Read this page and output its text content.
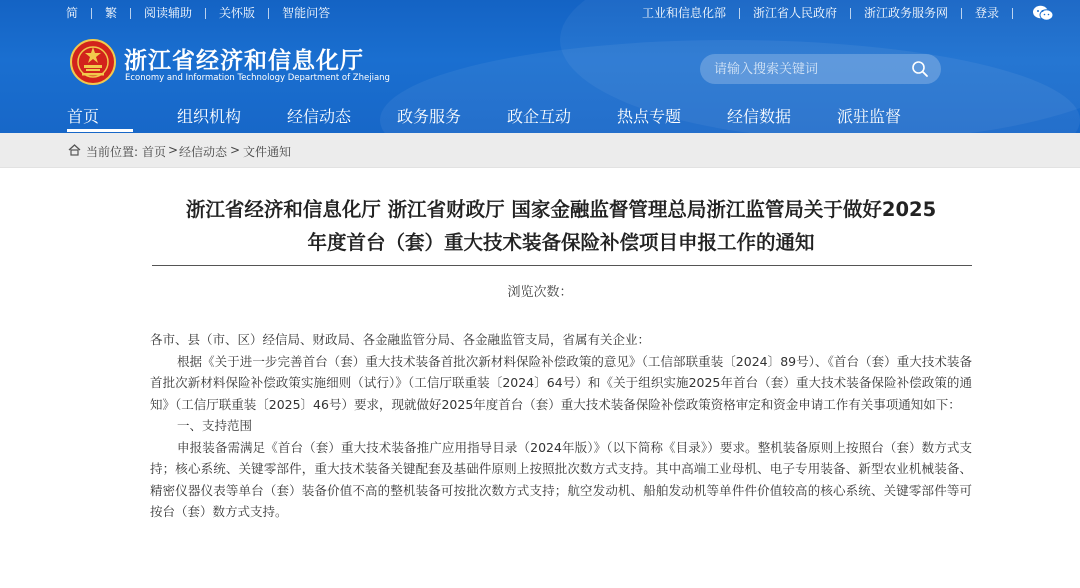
简 繁 阅读辅助 关怀版 智能问答	工业和信息化部 浙江省人民政府 浙江政务服务网 登录
浙江省经济和信息化厅
Economy and Information Technology Department of Zhejiang
请输入搜索关键词
首页	组织机构	经信动态	政务服务	政企互动	热点专题	经信数据	派驻监督
当前位置: 首页 > 经信动态 > 文件通知
浙江省经济和信息化厅 浙江省财政厅 国家金融监督管理总局浙江监管局关于做好2025
年度首台（套）重大技术装备保险补偿项目申报工作的通知
浏览次数：

各市、县（市、区）经信局、财政局、各金融监管分局、各金融监管支局，省属有关企业：

根据《关于进一步完善首台（套）重大技术装备首批次新材料保险补偿政策的意见》（工信部联重装〔2024〕89号）、《首台（套）重大技术装备首批次新材料保险补偿政策实施细则（试行）》（工信厅联重装〔2024〕64号）和《关于组织实施2025年首台（套）重大技术装备保险补偿政策的通知》（工信厅联重装〔2025〕46号）要求，现就做好2025年度首台（套）重大技术装备保险补偿政策资格审定和资金申请工作有关事项通知如下：

一、支持范围

申报装备需满足《首台（套）重大技术装备推广应用指导目录（2024年版）》（以下简称《目录》）要求。整机装备原则上按照台（套）数方式支持；核心系统、关键零部件，重大技术装备关键配套及基础件原则上按照批次数方式支持。其中高端工业母机、电子专用装备、新型农业机械装备、精密仪器仪表等单台（套）装备价值不高的整机装备可按批次数方式支持；航空发动机、船舶发动机等单件件价值较高的核心系统、关键零部件等可按台（套）数方式支持。
